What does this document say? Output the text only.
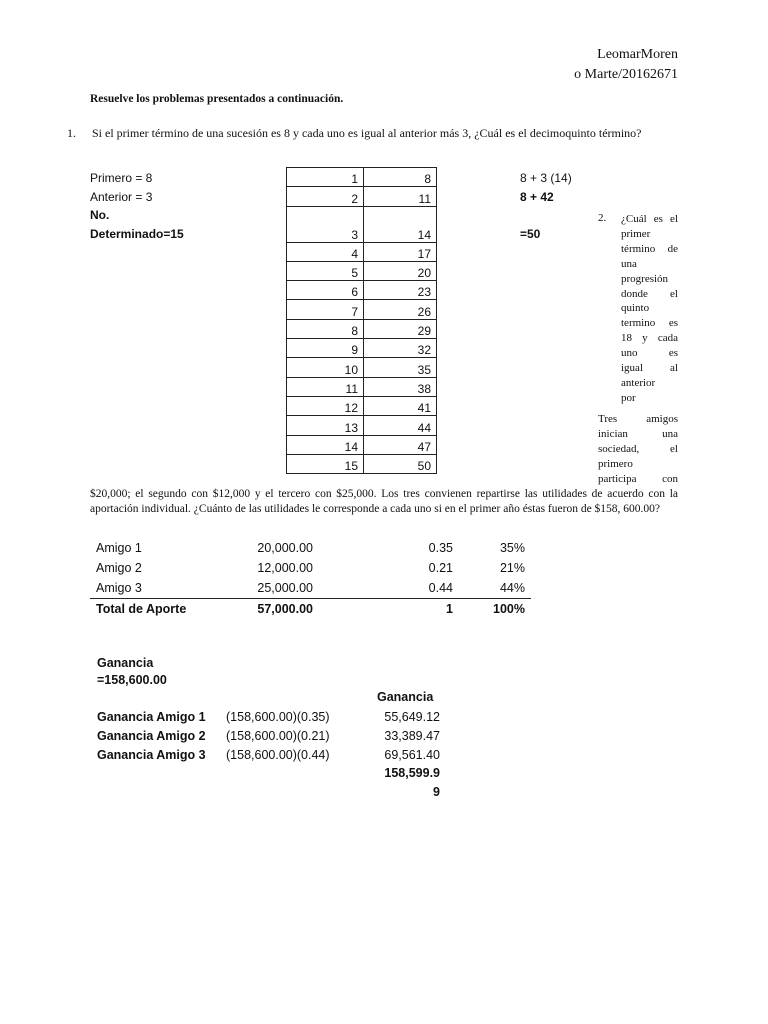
LeomarMoren
o Marte/20162671
Resuelve los problemas presentados a continuación.
1. Si el primer término de una sucesión es 8 y cada uno es igual al anterior más 3, ¿Cuál es el decimoquinto término?
Primero = 8
Anterior = 3
No.
Determinado=15
1	8
2	11
3	14
4	17
5	20
6	23
7	26
8	29
9	32
10	35
11	38
12	41
13	44
14	47
15	50
8 + 3 (14)
8 + 42
=50
2. ¿Cuál es el
primer
término de
una
progresión
donde el
quinto
termino es
18 y cada
uno es
igual al
anterior
por
Tres amigos
inician una
sociedad, el
primero
participa con
$20,000; el segundo con $12,000 y el tercero con $25,000. Los tres convienen repartirse las utilidades de acuerdo con la aportación individual. ¿Cuánto de las utilidades le corresponde a cada uno si en el primer año éstas fueron de $158, 600.00?
Amigo 1	20,000.00	0.35	35%
Amigo 2	12,000.00	0.21	21%
Amigo 3	25,000.00	0.44	44%
Total de Aporte	57,000.00	1	100%
Ganancia
=158,600.00
Ganancia
Ganancia Amigo 1 (158,600.00)(0.35)	55,649.12
Ganancia Amigo 2 (158,600.00)(0.21)	33,389.47
Ganancia Amigo 3 (158,600.00)(0.44)	69,561.40
158,599.9
9
